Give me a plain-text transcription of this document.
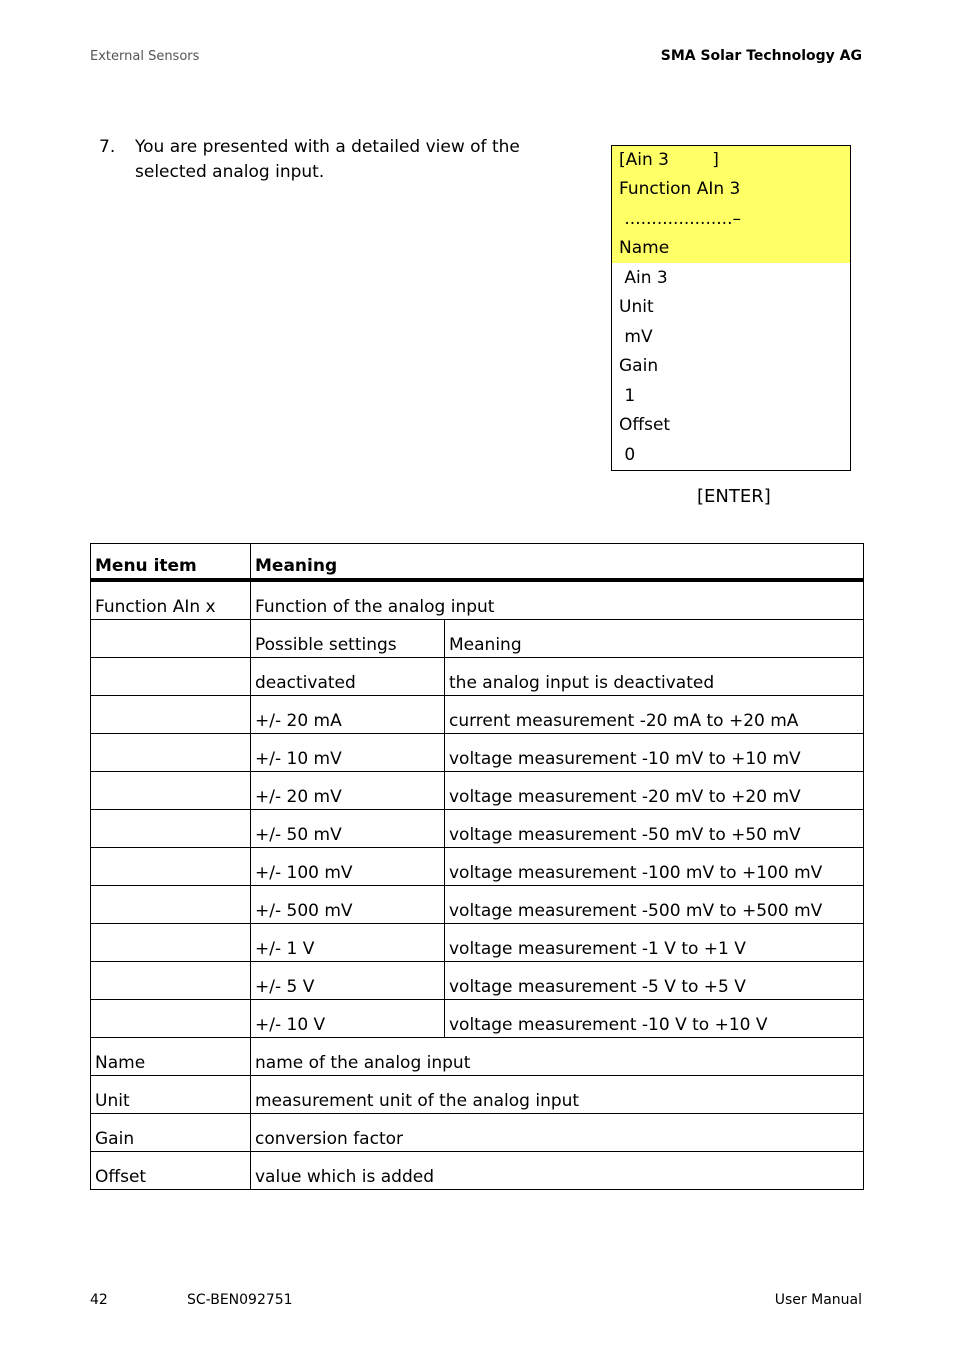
External Sensors	SMA Solar Technology AG
7. You are presented with a detailed view of the selected analog input.
[Ain 3        ]
Function AIn 3
....................–
Name
Ain 3
Unit
mV
Gain
1
Offset
0
[ENTER]
Menu item	Meaning	
Function AIn x	Function of the analog input	
	Possible settings	Meaning
	deactivated	the analog input is deactivated
	+/- 20 mA	current measurement -20 mA to +20 mA
	+/- 10 mV	voltage measurement -10 mV to +10 mV
	+/- 20 mV	voltage measurement -20 mV to +20 mV
	+/- 50 mV	voltage measurement -50 mV to +50 mV
	+/- 100 mV	voltage measurement -100 mV to +100 mV
	+/- 500 mV	voltage measurement -500 mV to +500 mV
	+/- 1 V	voltage measurement -1 V to +1 V
	+/- 5 V	voltage measurement -5 V to +5 V
	+/- 10 V	voltage measurement -10 V to +10 V
Name	name of the analog input	
Unit	measurement unit of the analog input	
Gain	conversion factor	
Offset	value which is added	
42	SC-BEN092751	User Manual
